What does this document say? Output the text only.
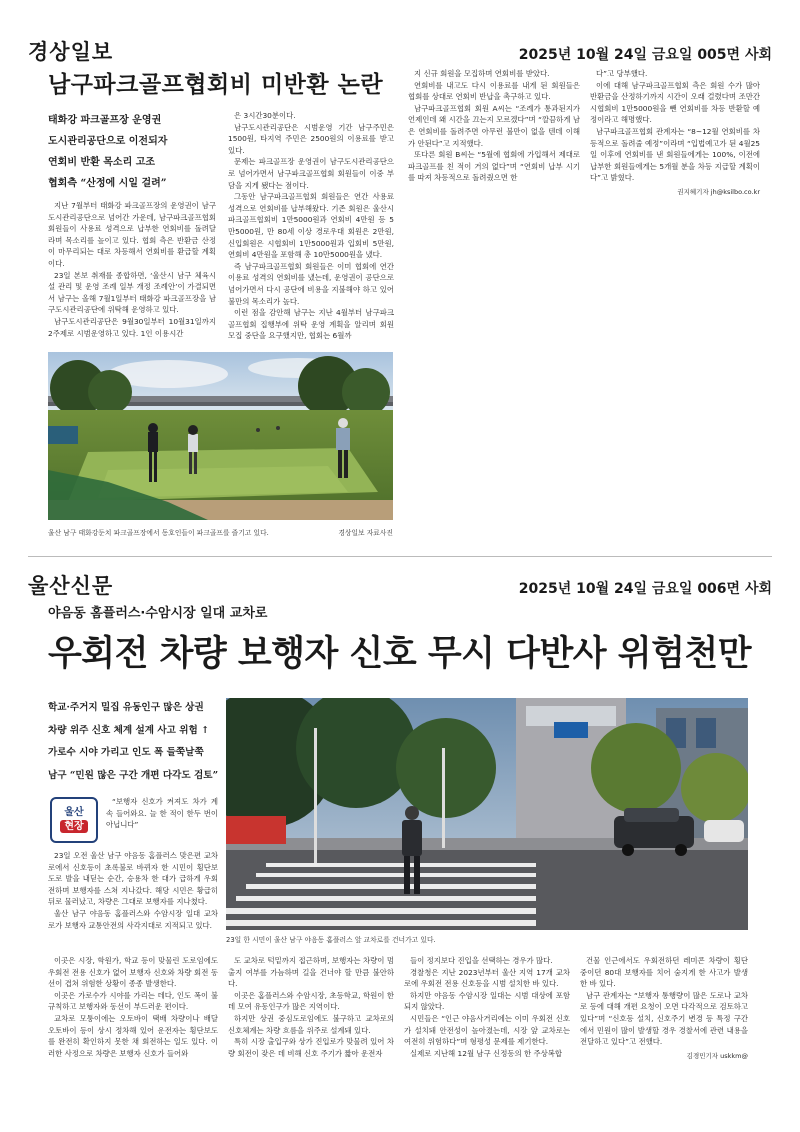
경상일보	2025년 10월 24일 금요일 005면 사회
남구파크골프협회비 미반환 논란
태화강 파크골프장 운영권
도시관리공단으로 이전되자
연회비 반환 목소리 고조
협회측 “산정에 시일 걸려”

지난 7월부터 태화강 파크골프장의 운영권이 남구도시관리공단으로 넘어간 가운데, 남구파크골프협회 회원들이 사용료 성격으로 납부한 연회비를 돌려달라며 목소리를 높이고 있다. 협회 측은 반환금 산정이 마무리되는 대로 차등해서 연회비를 환급할 계획이다.

23일 본보 취재를 종합하면, ‘울산시 남구 체육시설 관리 및 운영 조례 일부 개정 조례안’이 가결되면서 남구는 올해 7월1일부터 태화강 파크골프장을 남구도시관리공단에 위탁해 운영하고 있다.

남구도시관리공단은 9월30일부터 10월31일까지 2주제로 시범운영하고 있다. 1인 이용시간

은 3시간30분이다.

남구도시관리공단은 시범운영 기간 남구주민은 1500원, 타지역 주민은 2500원의 이용료를 받고 있다.

문제는 파크골프장 운영권이 남구도시관리공단으로 넘어가면서 남구파크골프협회 회원들이 이중 부담을 지게 됐다는 점이다.

그동안 남구파크골프협회 회원들은 연간 사용료 성격으로 연회비를 납부해왔다. 기존 회원은 울산시 파크골프협회비 1만5000원과 연회비 4만원 등 5만5000원, 만 80세 이상 경로우대 회원은 2만원, 신입회원은 시협회비 1만5000원과 입회비 5만원, 연회비 4만원을 포함해 총 10만5000원을 냈다.

즉 남구파크골프협회 회원들은 이미 협회에 연간 이용료 성격의 연회비를 냈는데, 운영권이 공단으로 넘어가면서 다시 공단에 비용을 지불해야 하고 있어 불만의 목소리가 높다.

이런 점을 감안해 남구는 지난 4월부터 남구파크골프협회 집행부에 위탁 운영 계획을 알리며 회원 모집 중단을 요구했지만, 협회는 6월까

지 신규 회원을 모집하며 연회비를 받았다.

연회비를 내고도 다시 이용료를 내게 된 회원들은 협회를 상대로 연회비 반납을 촉구하고 있다.

남구파크골프협회 회원 A씨는 “조례가 통과된지가 언제인데 왜 시간을 끄는지 모르겠다”며 “깔끔하게 남은 연회비를 돌려주면 아무런 불만이 없을 텐데 이해가 안된다”고 지적했다.

또다른 회원 B씨는 “5월에 협회에 가입해서 제대로 파크골프를 친 적이 거의 없다”며 “연회비 납부 시기를 따져 차등적으로 돌려줬으면 한

다”고 당부했다.

이에 대해 남구파크골프협회 측은 회원 수가 많아 반환금을 산정하기까지 시간이 오래 걸렸다며 조만간 시협회비 1만5000원을 뺀 연회비를 차등 반환할 예정이라고 해명했다.

남구파크골프협회 관계자는 “8~12월 연회비를 차등적으로 돌려줄 예정”이라며 “입법예고가 된 4월25일 이후에 연회비를 낸 회원들에게는 100%, 이전에 납부한 회원들에게는 5개월 분을 차등 지급할 계획이다”고 밝혔다.

권지혜기자 jh@ksilbo.co.kr
울산 남구 태화강둔치 파크골프장에서 동호인들이 파크골프를 즐기고 있다.	경상일보 자료사진
울산신문	2025년 10월 24일 금요일 006면 사회
야음동 홈플러스·수암시장 일대 교차로
우회전 차량 보행자 신호 무시 다반사 위험천만
학교·주거지 밀집 유동인구 많은 상권
차량 위주 신호 체계 설계 사고 위험 ↑
가로수 시야 가리고 인도 폭 들쭉날쭉
남구 “민원 많은 구간 개편 다각도 검토”
울산
현장

“보행자 신호가 켜져도 차가 계속 들어와요. 늘 한 적이 한두 번이 아닙니다”

23일 오전 울산 남구 야음동 홈플러스 맞은편 교차로에서 신호등이 초록불로 바뀌자 한 시민이 횡단보도로 발을 내딛는 순간, 승용차 한 대가 급하게 우회전하며 보행자를 스쳐 지나갔다. 해당 시민은 황급히 뒤로 물러났고, 차량은 그대로 보행자를 지나쳤다.

울산 남구 야음동 홈플러스와 수암시장 일대 교차로가 보행자 교통안전의 사각지대로 지적되고 있다.

23일 한 시민이 울산 남구 야음동 홈플러스 앞 교차로를 건너가고 있다.

이곳은 시장, 학원가, 학교 등이 맞물린 도로임에도 우회전 전용 신호가 없어 보행자 신호와 차량 회전 동선이 겹쳐 위험한 상황이 종종 발생한다.

이곳은 가로수가 시야를 가리는 데다, 인도 폭이 불규칙하고 보행자와 동선이 부드러운 편이다.

교차로 모퉁이에는 오토바이 택배 차량이나 배달 오토바이 등이 상시 정차해 있어 운전자는 횡단보도를 완전히 확인하지 못한 채 회전하는 일도 있다. 이러한 사정으로 차량은 보행자 신호가 들어와

도 교차로 턱밑까지 접근하며, 보행자는 차량이 멈출지 여부를 가늠하며 길을 건너야 할 만큼 불안하다.

이곳은 홈플러스와 수암시장, 초등학교, 학원이 한데 모여 유동인구가 많은 지역이다.

하지만 상권 중심도로임에도 불구하고 교차로의 신호체계는 차량 흐름을 위주로 설계돼 있다.

특히 시장 출입구와 상가 진입로가 맞물려 있어 차량 회전이 잦은 데 비해 신호 주기가 짧아 운전자

들이 정지보다 진입을 선택하는 경우가 많다.

경찰청은 지난 2023년부터 울산 지역 17개 교차로에 우회전 전용 신호등을 시범 설치한 바 있다.

하지만 야음동 수암시장 일대는 시범 대상에 포함되지 않았다.

시민들은 “인근 야음사거리에는 이미 우회전 신호가 설치돼 안전성이 높아졌는데, 시장 앞 교차로는 여전히 위험하다”며 형평성 문제를 제기한다.

실제로 지난해 12월 남구 신정동의 한 주상복합

건물 인근에서도 우회전하던 레미콘 차량이 횡단 중이던 80대 보행자를 치어 숨지게 한 사고가 발생한 바 있다.

남구 관계자는 “보행자 통행량이 많은 도로나 교차로 등에 대해 개편 요청이 오면 다각적으로 검토하고 있다”며 “신호등 설치, 신호주기 변경 등 특정 구간에서 민원이 많이 발생할 경우 경찰서에 관련 내용을 전달하고 있다”고 전했다.

김경민기자 uskkm@
